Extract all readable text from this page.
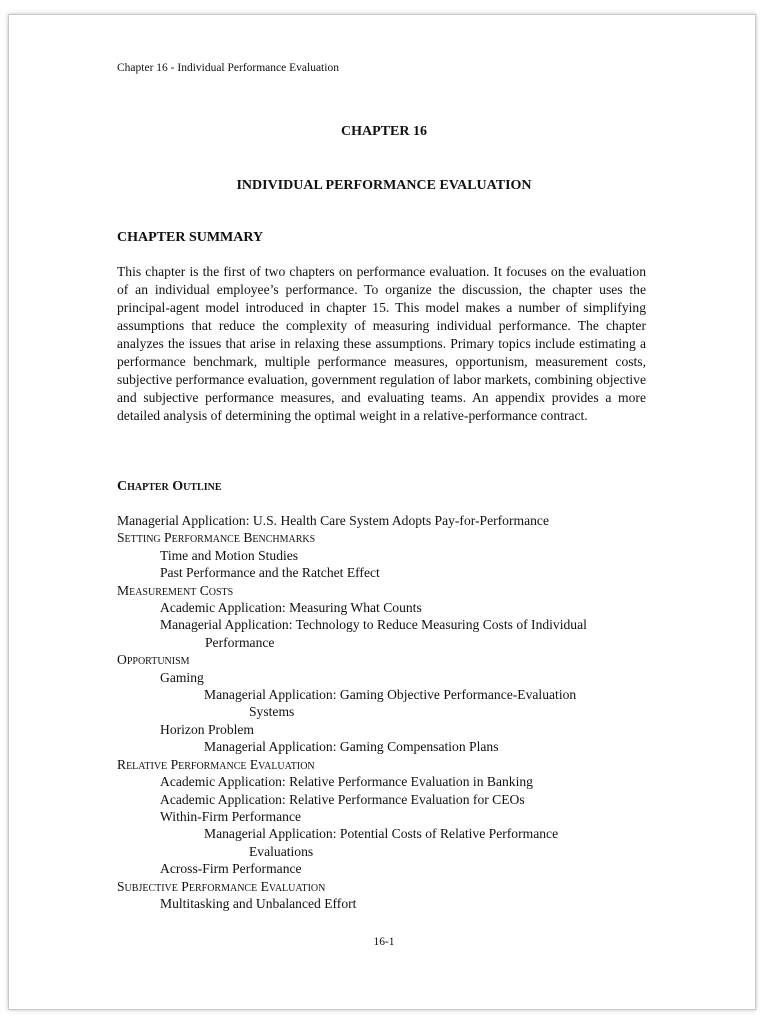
Chapter 16 - Individual Performance Evaluation
CHAPTER 16
INDIVIDUAL PERFORMANCE EVALUATION
CHAPTER SUMMARY

This chapter is the first of two chapters on performance evaluation. It focuses on the evaluation of an individual employee’s performance. To organize the discussion, the chapter uses the principal-agent model introduced in chapter 15. This model makes a number of simplifying assumptions that reduce the complexity of measuring individual performance. The chapter analyzes the issues that arise in relaxing these assumptions. Primary topics include estimating a performance benchmark, multiple performance measures, opportunism, measurement costs, subjective performance evaluation, government regulation of labor markets, combining objective and subjective performance measures, and evaluating teams. An appendix provides a more detailed analysis of determining the optimal weight in a relative-performance contract.

Chapter Outline
Managerial Application: U.S. Health Care System Adopts Pay-for-Performance
Setting Performance Benchmarks
Time and Motion Studies
Past Performance and the Ratchet Effect
Measurement Costs
Academic Application: Measuring What Counts
Managerial Application: Technology to Reduce Measuring Costs of Individual
Performance
Opportunism
Gaming
Managerial Application: Gaming Objective Performance-Evaluation
Systems
Horizon Problem
Managerial Application: Gaming Compensation Plans
Relative Performance Evaluation
Academic Application: Relative Performance Evaluation in Banking
Academic Application: Relative Performance Evaluation for CEOs
Within-Firm Performance
Managerial Application: Potential Costs of Relative Performance
Evaluations
Across-Firm Performance
Subjective Performance Evaluation
Multitasking and Unbalanced Effort
16-1
